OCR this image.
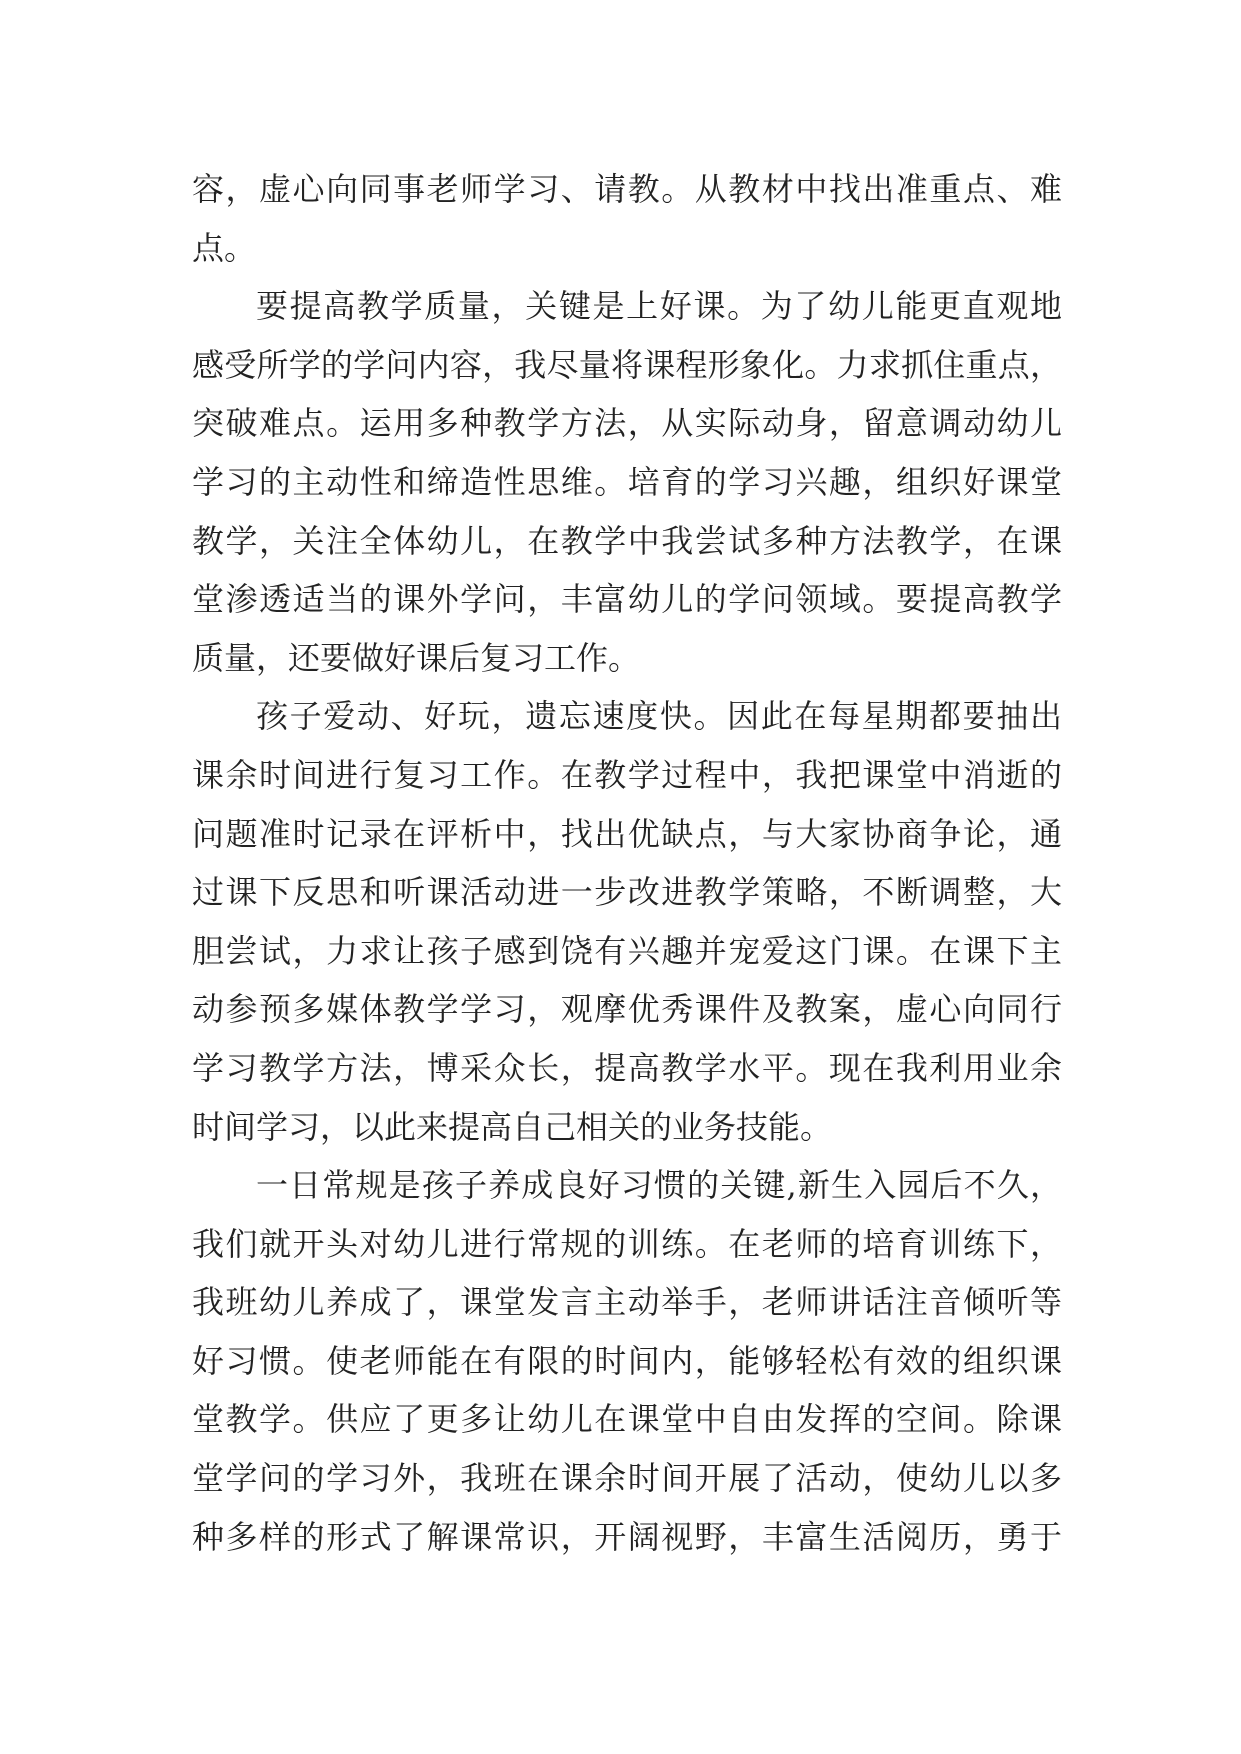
容，虚心向同事老师学习、请教。从教材中找出准重点、难
点。
要提高教学质量，关键是上好课。为了幼儿能更直观地
感受所学的学问内容，我尽量将课程形象化。力求抓住重点，
突破难点。运用多种教学方法，从实际动身，留意调动幼儿
学习的主动性和缔造性思维。培育的学习兴趣，组织好课堂
教学，关注全体幼儿，在教学中我尝试多种方法教学，在课
堂渗透适当的课外学问，丰富幼儿的学问领域。要提高教学
质量，还要做好课后复习工作。
孩子爱动、好玩，遗忘速度快。因此在每星期都要抽出
课余时间进行复习工作。在教学过程中，我把课堂中消逝的
问题准时记录在评析中，找出优缺点，与大家协商争论，通
过课下反思和听课活动进一步改进教学策略，不断调整，大
胆尝试，力求让孩子感到饶有兴趣并宠爱这门课。在课下主
动参预多媒体教学学习，观摩优秀课件及教案，虚心向同行
学习教学方法，博采众长，提高教学水平。现在我利用业余
时间学习，以此来提高自己相关的业务技能。
一日常规是孩子养成良好习惯的关键,新生入园后不久，
我们就开头对幼儿进行常规的训练。在老师的培育训练下，
我班幼儿养成了，课堂发言主动举手，老师讲话注音倾听等
好习惯。使老师能在有限的时间内，能够轻松有效的组织课
堂教学。供应了更多让幼儿在课堂中自由发挥的空间。除课
堂学问的学习外，我班在课余时间开展了活动，使幼儿以多
种多样的形式了解课常识，开阔视野，丰富生活阅历，勇于
